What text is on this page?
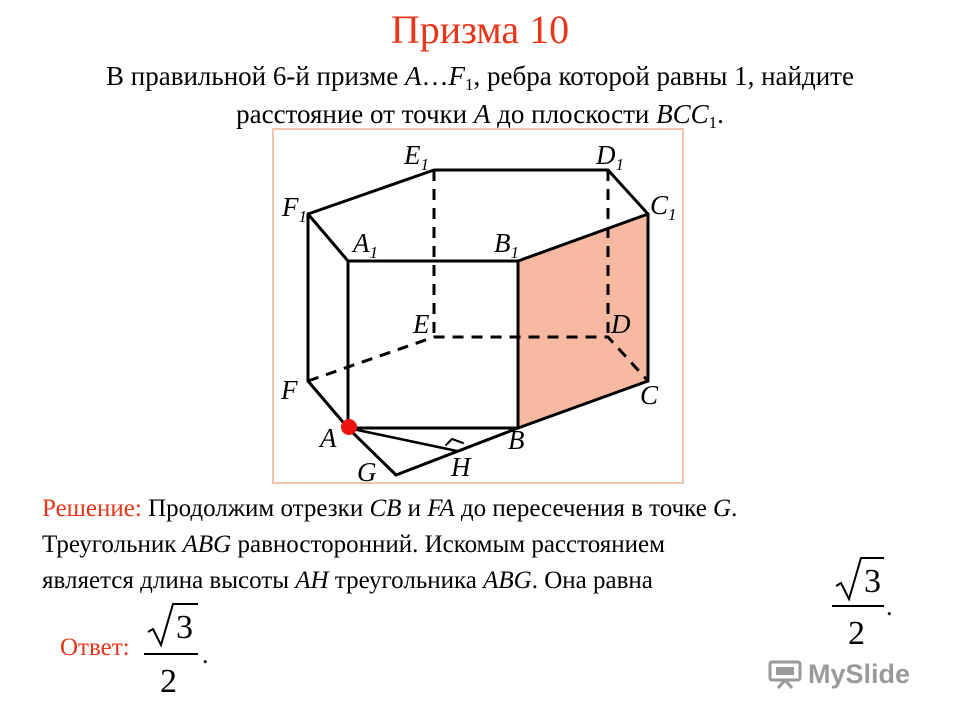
Призма 10
В правильной 6-й призме $A\dots F_1$, ребра которой равны 1, найдите
расстояние от точки A до плоскости $BCC_1$.
$E_1$	$D_1$
$F_1$	$C_1$
$A_1$	$B_1$
E	D
F	C
A	B
G	H
Решение: Продолжим отрезки CB и FA до пересечения в точке G.
Треугольник ABG равносторонний. Искомым расстоянием
является длина высоты AH треугольника ABG. Она равна	3
2
.
Ответ:
3
2
.
MySlide
